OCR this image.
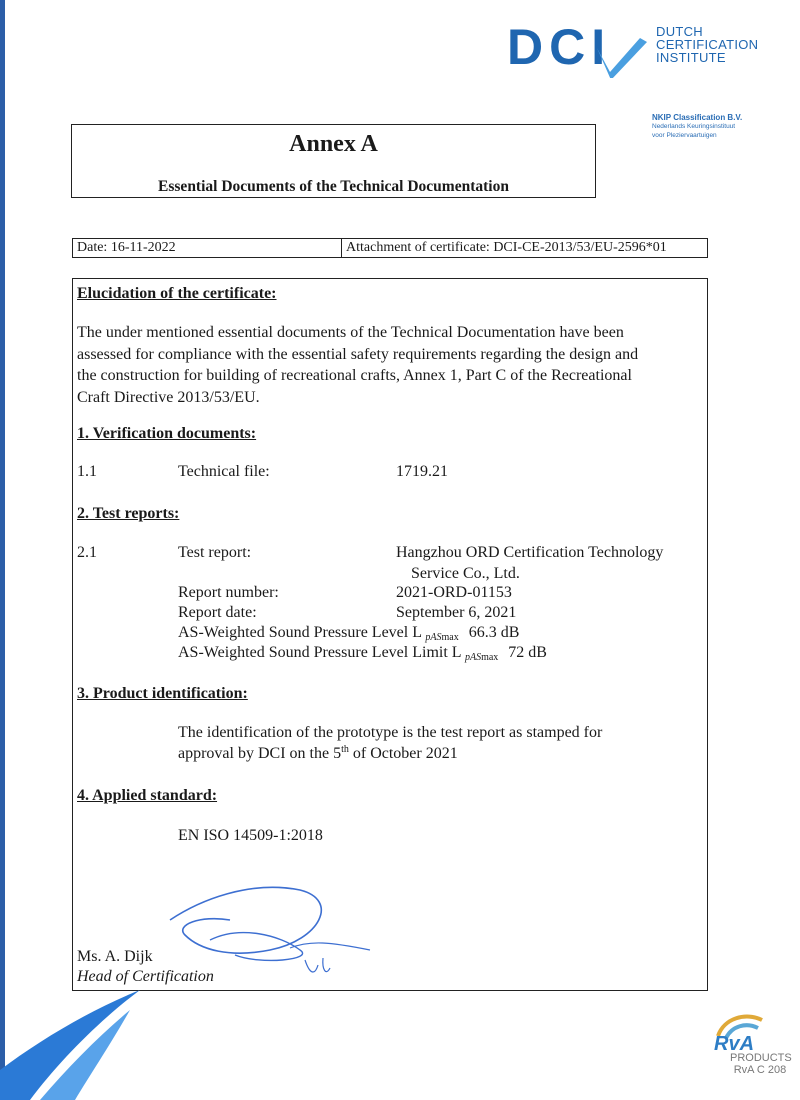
DCI	DUTCH
CERTIFICATION
INSTITUTE
NKIP Classification B.V.
Nederlands Keuringsinstituut
voor Pleziervaartuigen
Annex A
Essential Documents of the Technical Documentation
Date: 16-11-2022	Attachment of certificate: DCI-CE-2013/53/EU-2596*01
Elucidation of the certificate:
The under mentioned essential documents of the Technical Documentation have been
assessed for compliance with the essential safety requirements regarding the design and
the construction for building of recreational crafts, Annex 1, Part C of the Recreational
Craft Directive 2013/53/EU.
1. Verification documents:
1.1	Technical file:	1719.21
2. Test reports:
2.1	Test report:	Hangzhou ORD Certification Technology
Service Co., Ltd.
Report number:	2021-ORD-01153
Report date:	September 6, 2021
AS-Weighted Sound Pressure Level L pASmax 66.3 dB
AS-Weighted Sound Pressure Level Limit L pASmax 72 dB
3. Product identification:
The identification of the prototype is the test report as stamped for
approval by DCI on the 5th of October 2021
4. Applied standard:
EN ISO 14509-1:2018
Ms. A. Dijk
Head of Certification
RvA
PRODUCTS
RvA C 208
